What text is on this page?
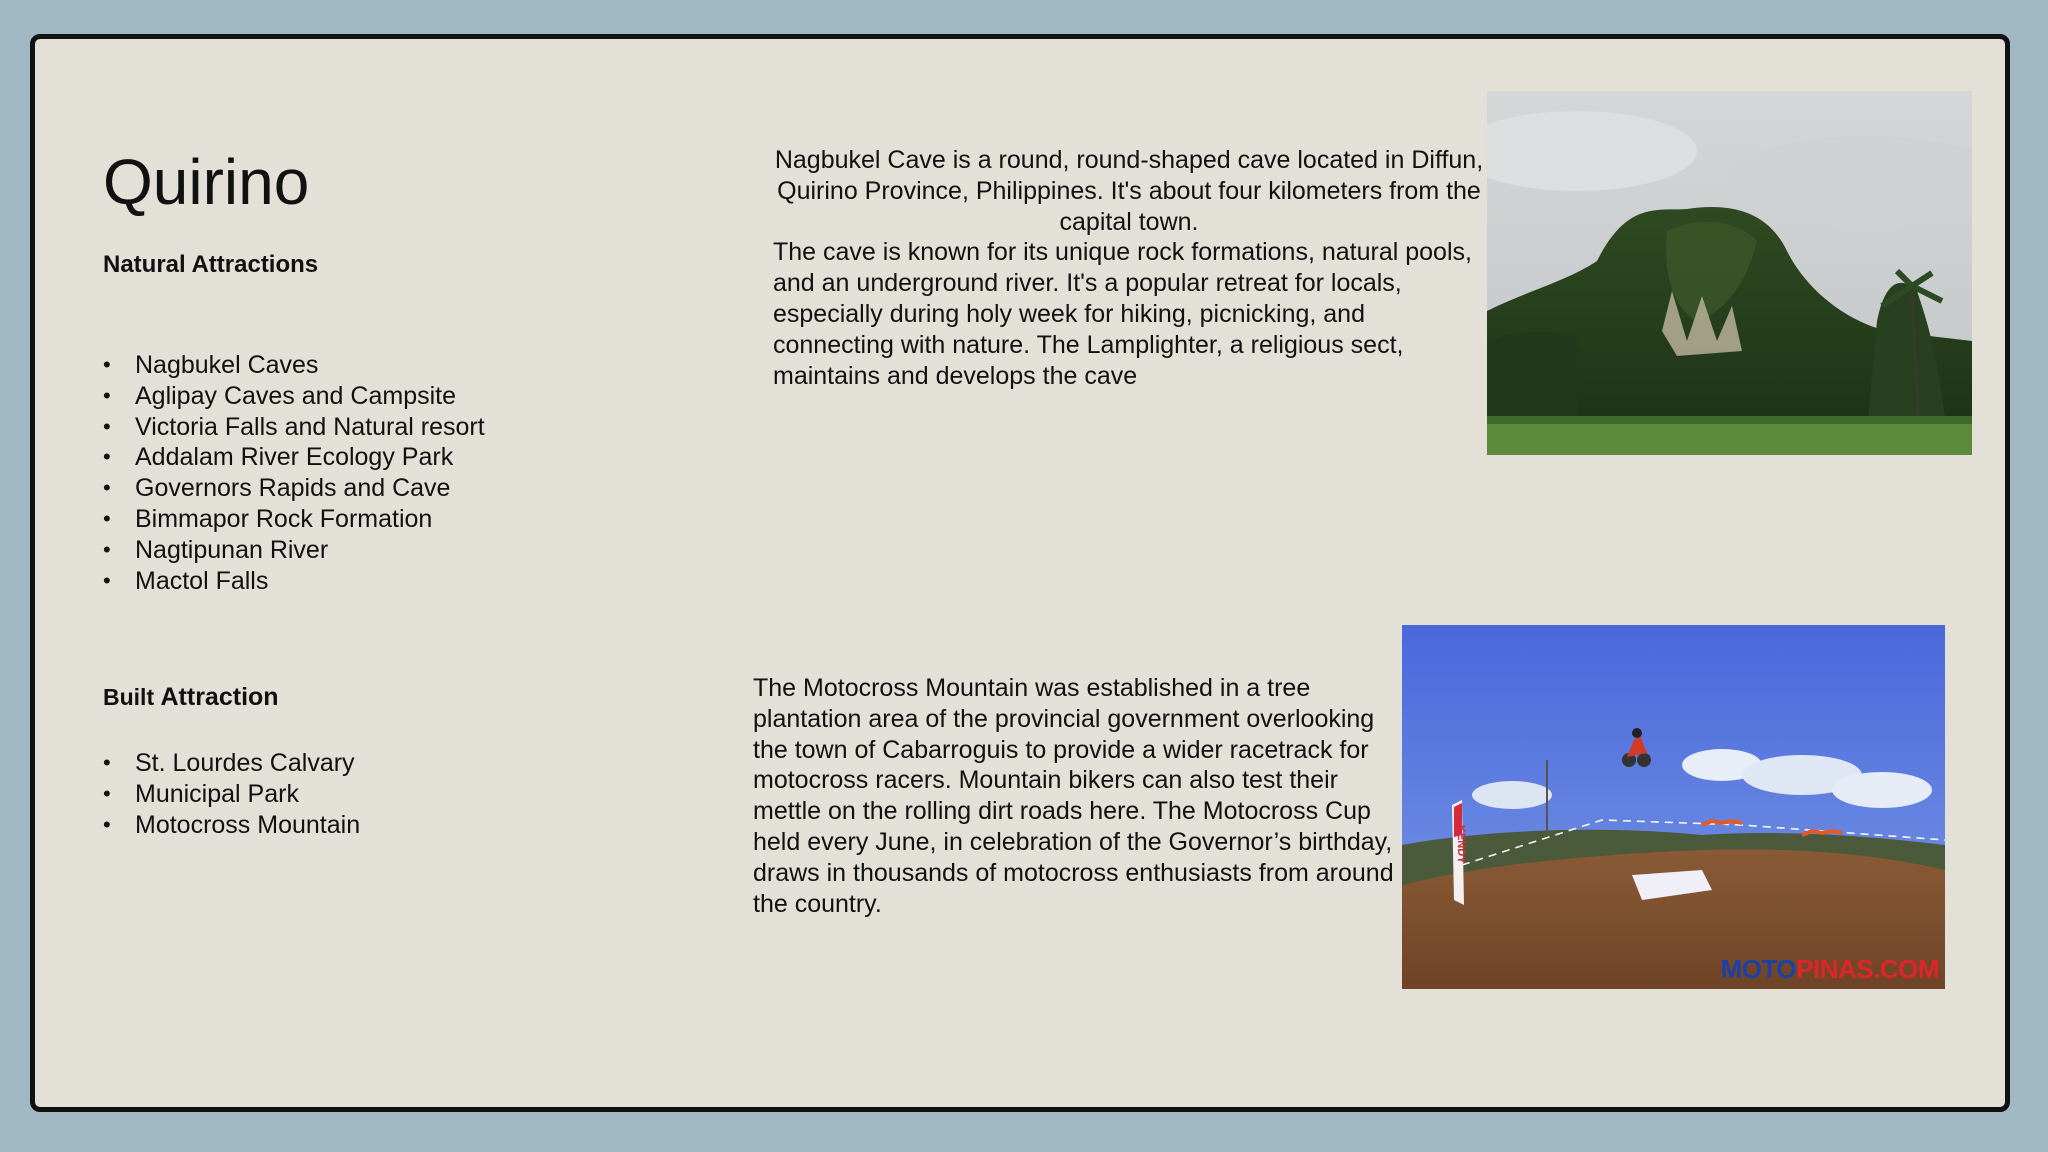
Quirino
Natural Attractions
• Nagbukel Caves
• Aglipay Caves and Campsite
• Victoria Falls and Natural resort
• Addalam River Ecology Park
• Governors Rapids and Cave
• Bimmapor Rock Formation
• Nagtipunan River
• Mactol Falls
Built Attraction
• St. Lourdes Calvary
• Municipal Park
• Motocross Mountain
Nagbukel Cave is a round, round-shaped cave located in Diffun, Quirino Province, Philippines. It's about four kilometers from the capital town.
The cave is known for its unique rock formations, natural pools, and an underground river. It's a popular retreat for locals, especially during holy week for hiking, picnicking, and connecting with nature. The Lamplighter, a religious sect, maintains and develops the cave
The Motocross Mountain was established in a tree plantation area of the provincial government overlooking the town of Cabarroguis to provide a wider racetrack for motocross racers. Mountain bikers can also test their mettle on the rolling dirt roads here. The Motocross Cup held every June, in celebration of the Governor’s birthday, draws in thousands of motocross enthusiasts from around the country.
KENDY
MOTOPINAS.COM
